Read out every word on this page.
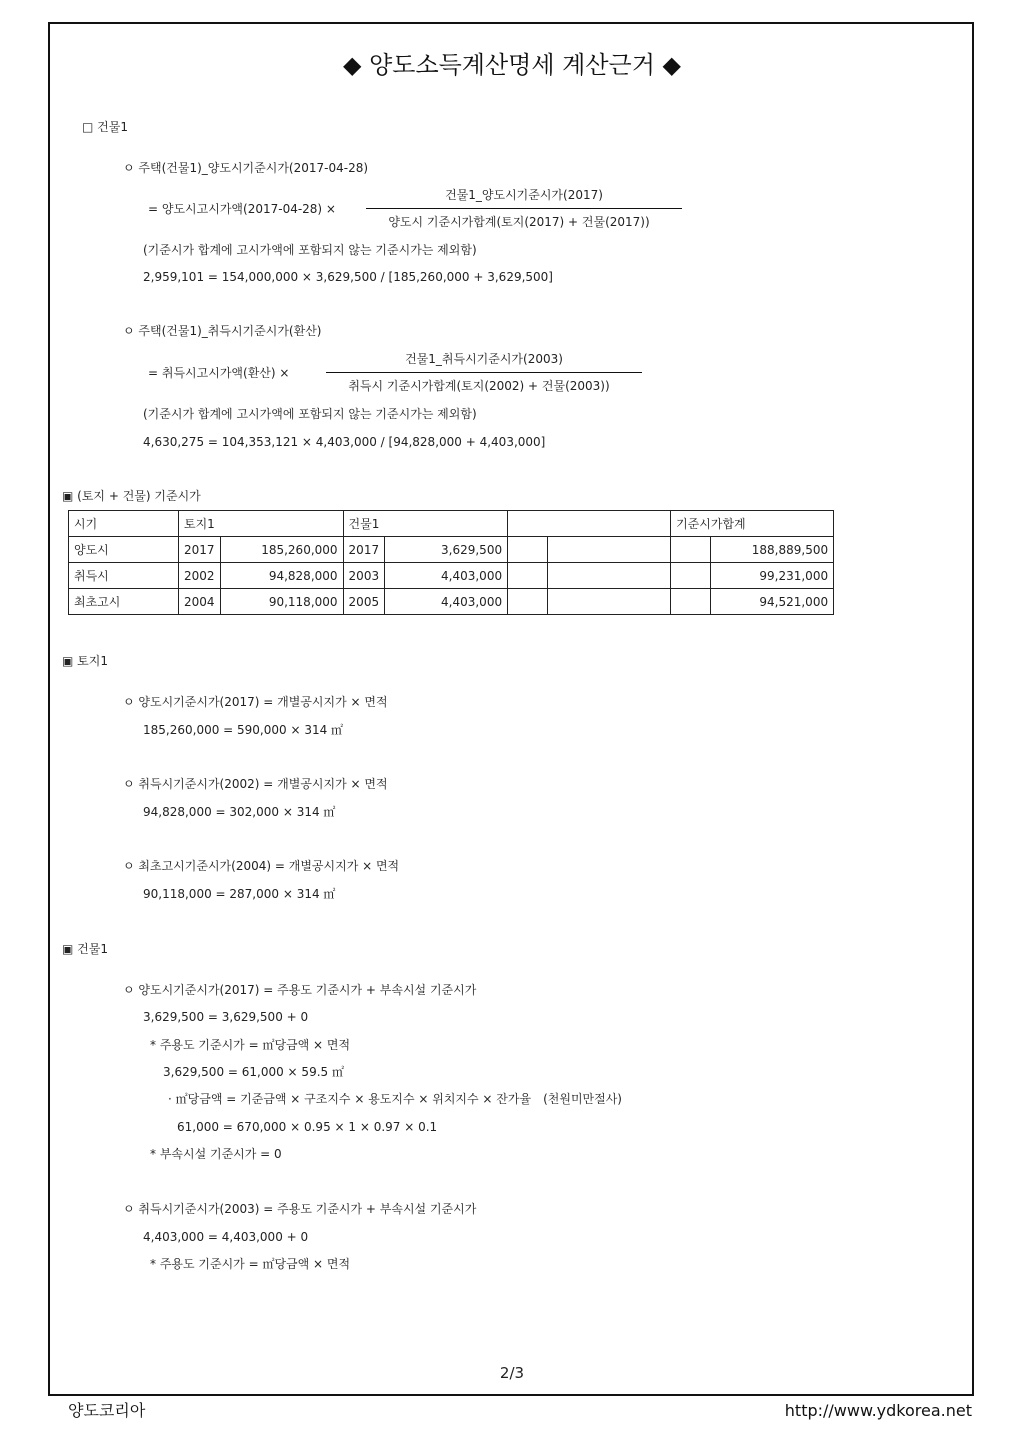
◆ 양도소득계산명세 계산근거 ◆
□ 건물1
ㅇ 주택(건물1)_양도시기준시가(2017-04-28)
= 양도시고시가액(2017-04-28) ×
건물1_양도시기준시가(2017)
양도시 기준시가합계(토지(2017) + 건물(2017))
(기준시가 합계에 고시가액에 포함되지 않는 기준시가는 제외함)
2,959,101 = 154,000,000 × 3,629,500 / [185,260,000 + 3,629,500]
ㅇ 주택(건물1)_취득시기준시가(환산)
= 취득시고시가액(환산) ×
건물1_취득시기준시가(2003)
취득시 기준시가합계(토지(2002) + 건물(2003))
(기준시가 합계에 고시가액에 포함되지 않는 기준시가는 제외함)
4,630,275 = 104,353,121 × 4,403,000 / [94,828,000 + 4,403,000]
▣ (토지 + 건물) 기준시가
시기	토지1		건물1				기준시가합계	
양도시	2017	185,260,000	2017	3,629,500				188,889,500
취득시	2002	94,828,000	2003	4,403,000				99,231,000
최초고시	2004	90,118,000	2005	4,403,000				94,521,000
▣ 토지1
ㅇ 양도시기준시가(2017) = 개별공시지가 × 면적
185,260,000 = 590,000 × 314 ㎡
ㅇ 취득시기준시가(2002) = 개별공시지가 × 면적
94,828,000 = 302,000 × 314 ㎡
ㅇ 최초고시기준시가(2004) = 개별공시지가 × 면적
90,118,000 = 287,000 × 314 ㎡
▣ 건물1
ㅇ 양도시기준시가(2017) = 주용도 기준시가 + 부속시설 기준시가
3,629,500 = 3,629,500 + 0
* 주용도 기준시가 = ㎡당금액 × 면적
3,629,500 = 61,000 × 59.5 ㎡
· ㎡당금액 = 기준금액 × 구조지수 × 용도지수 × 위치지수 × 잔가율　(천원미만절사)
61,000 = 670,000 × 0.95 × 1 × 0.97 × 0.1
* 부속시설 기준시가 = 0
ㅇ 취득시기준시가(2003) = 주용도 기준시가 + 부속시설 기준시가
4,403,000 = 4,403,000 + 0
* 주용도 기준시가 = ㎡당금액 × 면적
2/3
양도코리아	http://www.ydkorea.net
